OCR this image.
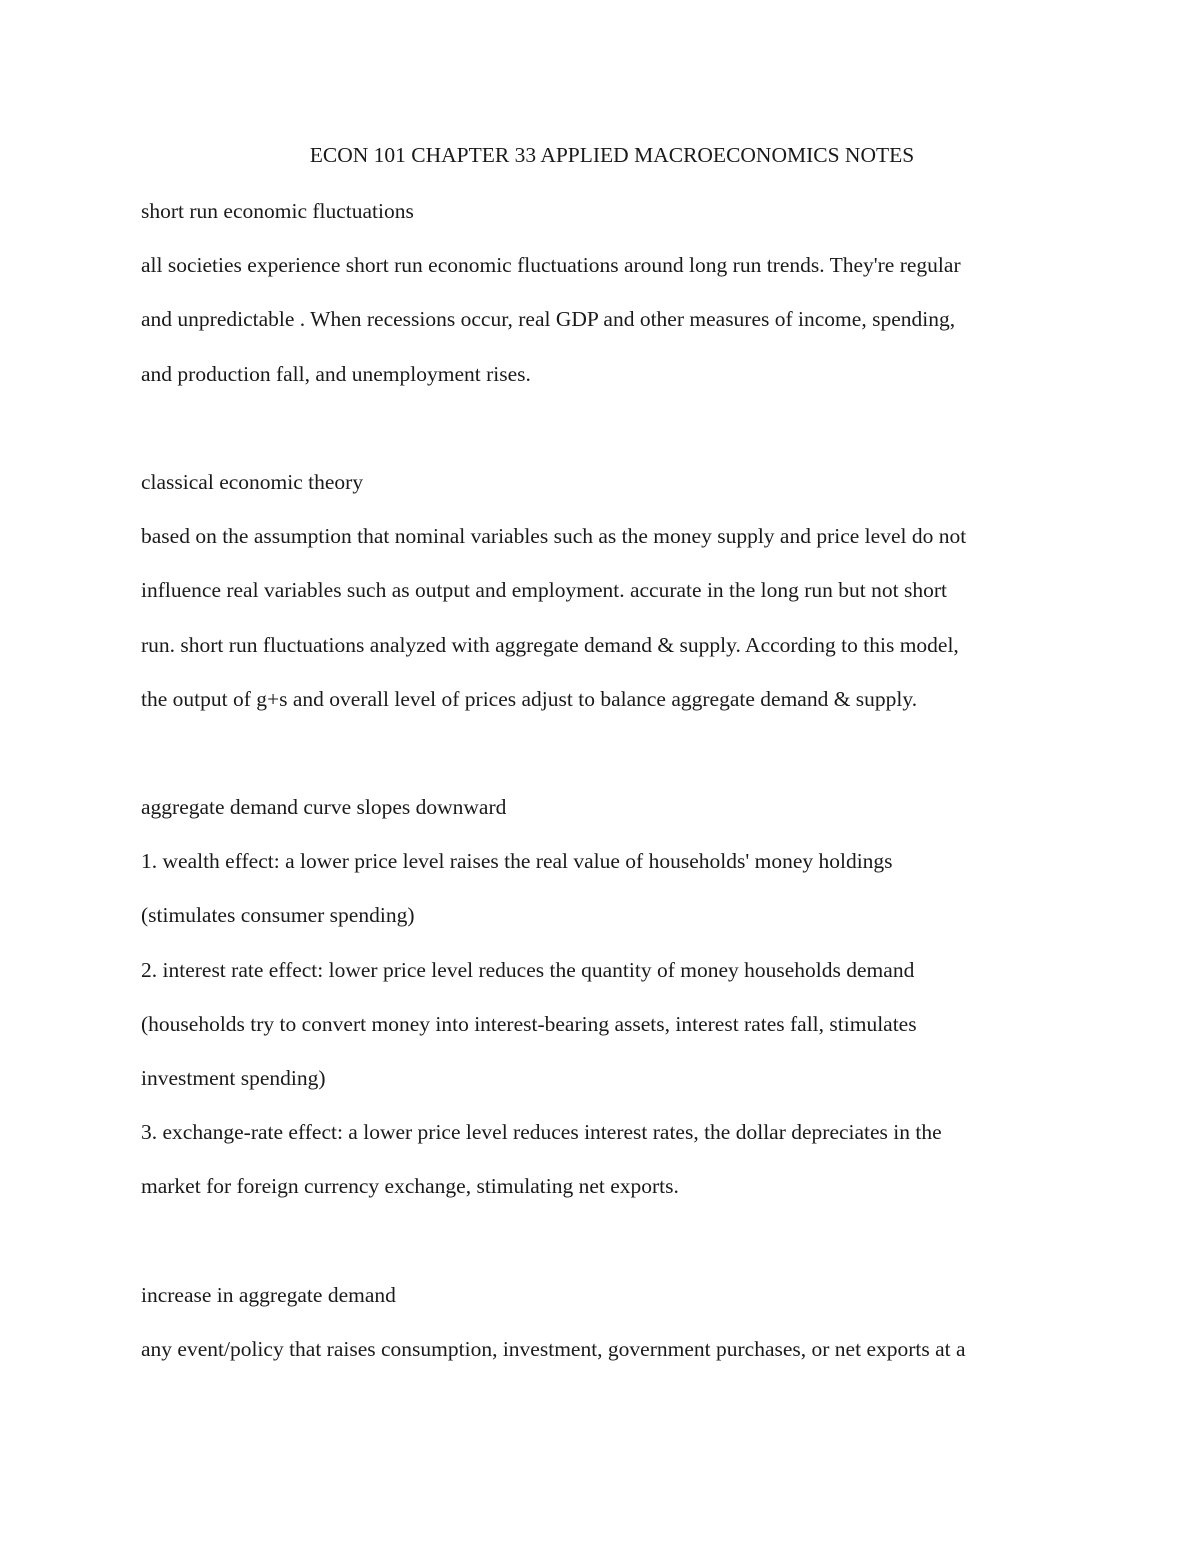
ECON 101 CHAPTER 33 APPLIED MACROECONOMICS NOTES
short run economic fluctuations
all societies experience short run economic fluctuations around long run trends. They're regular
and unpredictable . When recessions occur, real GDP and other measures of income, spending,
and production fall, and unemployment rises.
classical economic theory
based on the assumption that nominal variables such as the money supply and price level do not
influence real variables such as output and employment. accurate in the long run but not short
run. short run fluctuations analyzed with aggregate demand & supply. According to this model,
the output of g+s and overall level of prices adjust to balance aggregate demand & supply.
aggregate demand curve slopes downward
1. wealth effect: a lower price level raises the real value of households' money holdings
(stimulates consumer spending)
2. interest rate effect: lower price level reduces the quantity of money households demand
(households try to convert money into interest-bearing assets, interest rates fall, stimulates
investment spending)
3. exchange-rate effect: a lower price level reduces interest rates, the dollar depreciates in the
market for foreign currency exchange, stimulating net exports.
increase in aggregate demand
any event/policy that raises consumption, investment, government purchases, or net exports at a
